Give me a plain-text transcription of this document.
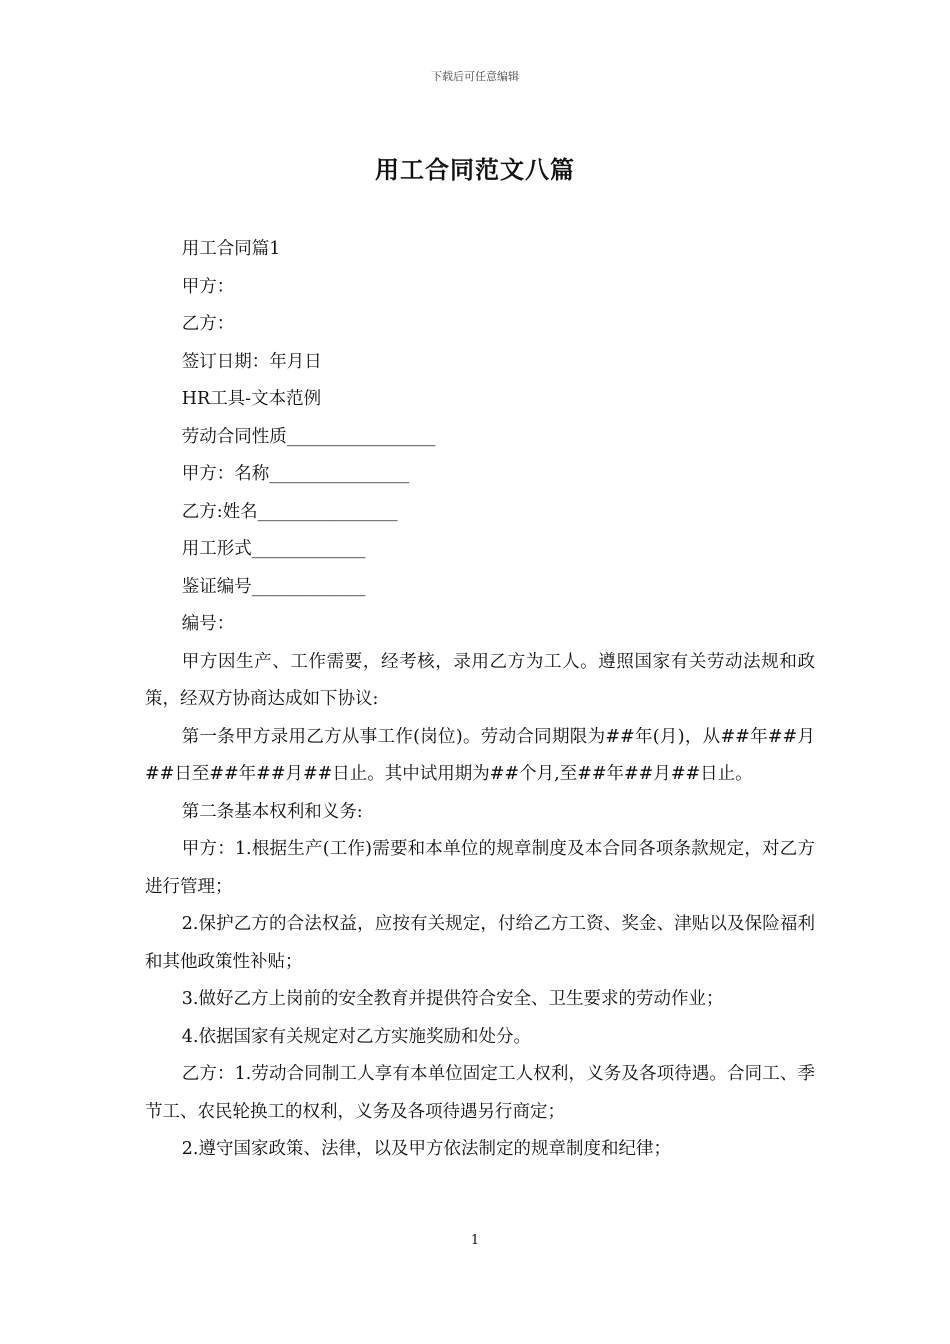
下载后可任意编辑
用工合同范文八篇

用工合同篇1

甲方：

乙方：

签订日期：年月日

HR工具-文本范例

劳动合同性质_________________

甲方：名称________________

乙方:姓名________________

用工形式_____________

鉴证编号_____________

编号：

甲方因生产、工作需要，经考核，录用乙方为工人。遵照国家有关劳动法规和政策，经双方协商达成如下协议:

第一条甲方录用乙方从事工作(岗位)。劳动合同期限为##年(月)，从##年##月##日至##年##月##日止。其中试用期为##个月,至##年##月##日止。

第二条基本权利和义务:

甲方：1.根据生产(工作)需要和本单位的规章制度及本合同各项条款规定，对乙方进行管理；

2.保护乙方的合法权益，应按有关规定，付给乙方工资、奖金、津贴以及保险福利和其他政策性补贴；

3.做好乙方上岗前的安全教育并提供符合安全、卫生要求的劳动作业；

4.依据国家有关规定对乙方实施奖励和处分。

乙方：1.劳动合同制工人享有本单位固定工人权利，义务及各项待遇。合同工、季节工、农民轮换工的权利，义务及各项待遇另行商定；

2.遵守国家政策、法律，以及甲方依法制定的规章制度和纪律；

1
